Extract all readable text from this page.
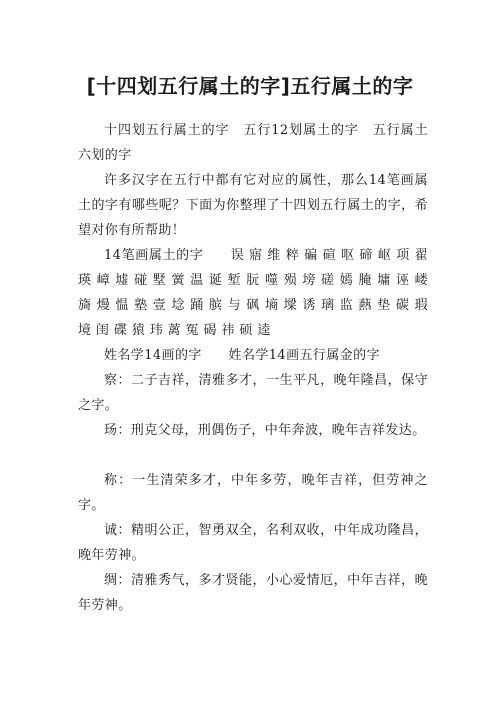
[十四划五行属土的字]五行属土的字

十四划五行属土的字　五行12划属土的字　五行属土六划的字

许多汉字在五行中都有它对应的属性，那么14笔画属土的字有哪些呢？下面为你整理了十四划五行属土的字，希望对你有所帮助！

14笔画属土的字　　误 寤 维 粹 碥 碹 呕 碲 岖 项 翟 瑛 嶂 墟 碰 墅 黉 温 诞 堑 朊 噬 殒 塝 磋 嫣 腌 墉 诬 嵝 旖 熳 愠 塾 壹 埝 踊 膑 与 砜 墒 墚 诱 璃 监 爇 垫 碳 瑕 境 闺 碟 猿 玮 蓠 冤 碣 祎 硕 逵

姓名学14画的字　　姓名学14画五行属金的字

察：二子吉祥，清雅多才，一生平凡，晚年隆昌，保守之字。

玚：刑克父母，刑偶伤子，中年奔波，晚年吉祥发达。

称：一生清荣多才，中年多劳，晚年吉祥，但劳神之字。

诚：精明公正，智勇双全，名利双收，中年成功隆昌，晚年劳神。

绸：清雅秀气，多才贤能，小心爱情厄，中年吉祥，晚年劳神。
